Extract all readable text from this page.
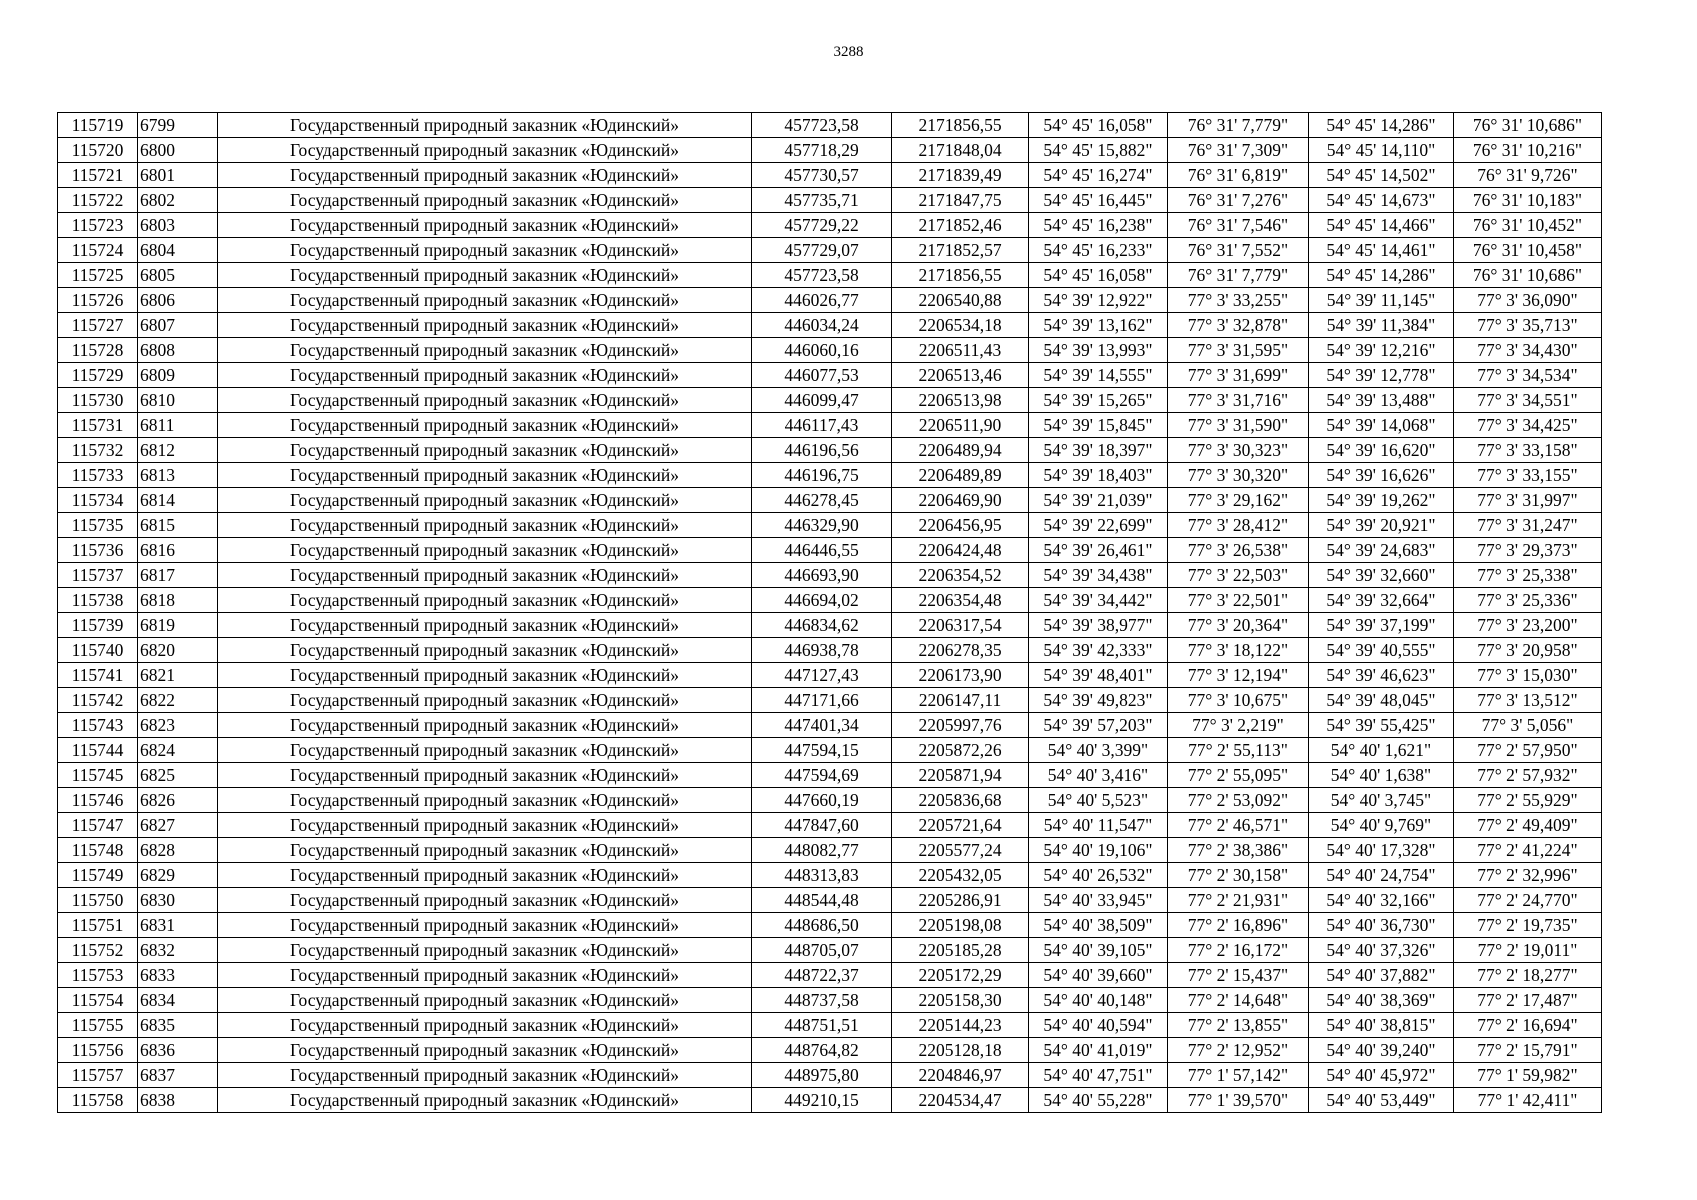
3288
115719	6799	Государственный природный заказник «Юдинский»	457723,58	2171856,55	54° 45' 16,058"	76° 31' 7,779"	54° 45' 14,286"	76° 31' 10,686"
115720	6800	Государственный природный заказник «Юдинский»	457718,29	2171848,04	54° 45' 15,882"	76° 31' 7,309"	54° 45' 14,110"	76° 31' 10,216"
115721	6801	Государственный природный заказник «Юдинский»	457730,57	2171839,49	54° 45' 16,274"	76° 31' 6,819"	54° 45' 14,502"	76° 31' 9,726"
115722	6802	Государственный природный заказник «Юдинский»	457735,71	2171847,75	54° 45' 16,445"	76° 31' 7,276"	54° 45' 14,673"	76° 31' 10,183"
115723	6803	Государственный природный заказник «Юдинский»	457729,22	2171852,46	54° 45' 16,238"	76° 31' 7,546"	54° 45' 14,466"	76° 31' 10,452"
115724	6804	Государственный природный заказник «Юдинский»	457729,07	2171852,57	54° 45' 16,233"	76° 31' 7,552"	54° 45' 14,461"	76° 31' 10,458"
115725	6805	Государственный природный заказник «Юдинский»	457723,58	2171856,55	54° 45' 16,058"	76° 31' 7,779"	54° 45' 14,286"	76° 31' 10,686"
115726	6806	Государственный природный заказник «Юдинский»	446026,77	2206540,88	54° 39' 12,922"	77° 3' 33,255"	54° 39' 11,145"	77° 3' 36,090"
115727	6807	Государственный природный заказник «Юдинский»	446034,24	2206534,18	54° 39' 13,162"	77° 3' 32,878"	54° 39' 11,384"	77° 3' 35,713"
115728	6808	Государственный природный заказник «Юдинский»	446060,16	2206511,43	54° 39' 13,993"	77° 3' 31,595"	54° 39' 12,216"	77° 3' 34,430"
115729	6809	Государственный природный заказник «Юдинский»	446077,53	2206513,46	54° 39' 14,555"	77° 3' 31,699"	54° 39' 12,778"	77° 3' 34,534"
115730	6810	Государственный природный заказник «Юдинский»	446099,47	2206513,98	54° 39' 15,265"	77° 3' 31,716"	54° 39' 13,488"	77° 3' 34,551"
115731	6811	Государственный природный заказник «Юдинский»	446117,43	2206511,90	54° 39' 15,845"	77° 3' 31,590"	54° 39' 14,068"	77° 3' 34,425"
115732	6812	Государственный природный заказник «Юдинский»	446196,56	2206489,94	54° 39' 18,397"	77° 3' 30,323"	54° 39' 16,620"	77° 3' 33,158"
115733	6813	Государственный природный заказник «Юдинский»	446196,75	2206489,89	54° 39' 18,403"	77° 3' 30,320"	54° 39' 16,626"	77° 3' 33,155"
115734	6814	Государственный природный заказник «Юдинский»	446278,45	2206469,90	54° 39' 21,039"	77° 3' 29,162"	54° 39' 19,262"	77° 3' 31,997"
115735	6815	Государственный природный заказник «Юдинский»	446329,90	2206456,95	54° 39' 22,699"	77° 3' 28,412"	54° 39' 20,921"	77° 3' 31,247"
115736	6816	Государственный природный заказник «Юдинский»	446446,55	2206424,48	54° 39' 26,461"	77° 3' 26,538"	54° 39' 24,683"	77° 3' 29,373"
115737	6817	Государственный природный заказник «Юдинский»	446693,90	2206354,52	54° 39' 34,438"	77° 3' 22,503"	54° 39' 32,660"	77° 3' 25,338"
115738	6818	Государственный природный заказник «Юдинский»	446694,02	2206354,48	54° 39' 34,442"	77° 3' 22,501"	54° 39' 32,664"	77° 3' 25,336"
115739	6819	Государственный природный заказник «Юдинский»	446834,62	2206317,54	54° 39' 38,977"	77° 3' 20,364"	54° 39' 37,199"	77° 3' 23,200"
115740	6820	Государственный природный заказник «Юдинский»	446938,78	2206278,35	54° 39' 42,333"	77° 3' 18,122"	54° 39' 40,555"	77° 3' 20,958"
115741	6821	Государственный природный заказник «Юдинский»	447127,43	2206173,90	54° 39' 48,401"	77° 3' 12,194"	54° 39' 46,623"	77° 3' 15,030"
115742	6822	Государственный природный заказник «Юдинский»	447171,66	2206147,11	54° 39' 49,823"	77° 3' 10,675"	54° 39' 48,045"	77° 3' 13,512"
115743	6823	Государственный природный заказник «Юдинский»	447401,34	2205997,76	54° 39' 57,203"	77° 3' 2,219"	54° 39' 55,425"	77° 3' 5,056"
115744	6824	Государственный природный заказник «Юдинский»	447594,15	2205872,26	54° 40' 3,399"	77° 2' 55,113"	54° 40' 1,621"	77° 2' 57,950"
115745	6825	Государственный природный заказник «Юдинский»	447594,69	2205871,94	54° 40' 3,416"	77° 2' 55,095"	54° 40' 1,638"	77° 2' 57,932"
115746	6826	Государственный природный заказник «Юдинский»	447660,19	2205836,68	54° 40' 5,523"	77° 2' 53,092"	54° 40' 3,745"	77° 2' 55,929"
115747	6827	Государственный природный заказник «Юдинский»	447847,60	2205721,64	54° 40' 11,547"	77° 2' 46,571"	54° 40' 9,769"	77° 2' 49,409"
115748	6828	Государственный природный заказник «Юдинский»	448082,77	2205577,24	54° 40' 19,106"	77° 2' 38,386"	54° 40' 17,328"	77° 2' 41,224"
115749	6829	Государственный природный заказник «Юдинский»	448313,83	2205432,05	54° 40' 26,532"	77° 2' 30,158"	54° 40' 24,754"	77° 2' 32,996"
115750	6830	Государственный природный заказник «Юдинский»	448544,48	2205286,91	54° 40' 33,945"	77° 2' 21,931"	54° 40' 32,166"	77° 2' 24,770"
115751	6831	Государственный природный заказник «Юдинский»	448686,50	2205198,08	54° 40' 38,509"	77° 2' 16,896"	54° 40' 36,730"	77° 2' 19,735"
115752	6832	Государственный природный заказник «Юдинский»	448705,07	2205185,28	54° 40' 39,105"	77° 2' 16,172"	54° 40' 37,326"	77° 2' 19,011"
115753	6833	Государственный природный заказник «Юдинский»	448722,37	2205172,29	54° 40' 39,660"	77° 2' 15,437"	54° 40' 37,882"	77° 2' 18,277"
115754	6834	Государственный природный заказник «Юдинский»	448737,58	2205158,30	54° 40' 40,148"	77° 2' 14,648"	54° 40' 38,369"	77° 2' 17,487"
115755	6835	Государственный природный заказник «Юдинский»	448751,51	2205144,23	54° 40' 40,594"	77° 2' 13,855"	54° 40' 38,815"	77° 2' 16,694"
115756	6836	Государственный природный заказник «Юдинский»	448764,82	2205128,18	54° 40' 41,019"	77° 2' 12,952"	54° 40' 39,240"	77° 2' 15,791"
115757	6837	Государственный природный заказник «Юдинский»	448975,80	2204846,97	54° 40' 47,751"	77° 1' 57,142"	54° 40' 45,972"	77° 1' 59,982"
115758	6838	Государственный природный заказник «Юдинский»	449210,15	2204534,47	54° 40' 55,228"	77° 1' 39,570"	54° 40' 53,449"	77° 1' 42,411"
